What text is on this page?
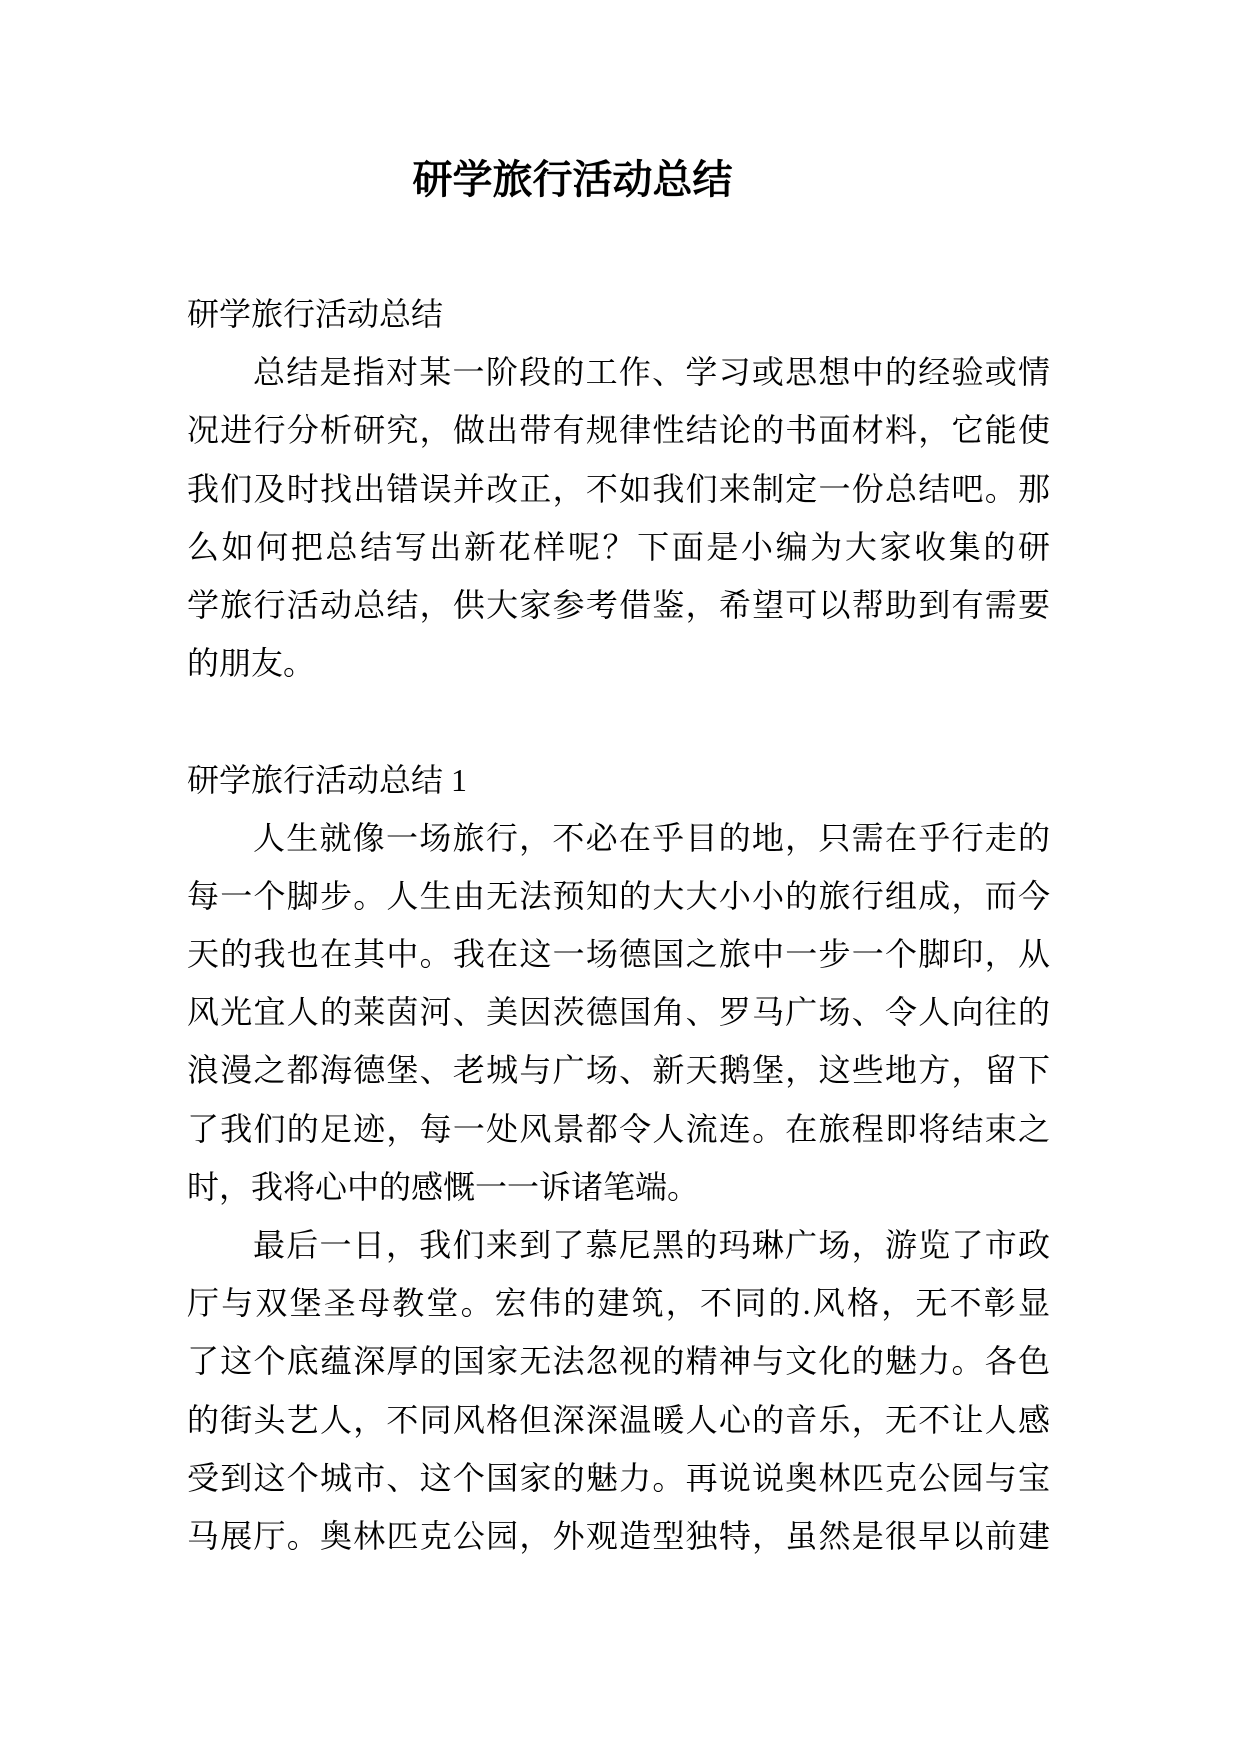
研学旅行活动总结
研学旅行活动总结
总结是指对某一阶段的工作、学习或思想中的经验或情
况进行分析研究，做出带有规律性结论的书面材料，它能使
我们及时找出错误并改正，不如我们来制定一份总结吧。那
么如何把总结写出新花样呢？下面是小编为大家收集的研
学旅行活动总结，供大家参考借鉴，希望可以帮助到有需要
的朋友。
研学旅行活动总结 1
人生就像一场旅行，不必在乎目的地，只需在乎行走的
每一个脚步。人生由无法预知的大大小小的旅行组成，而今
天的我也在其中。我在这一场德国之旅中一步一个脚印，从
风光宜人的莱茵河、美因茨德国角、罗马广场、令人向往的
浪漫之都海德堡、老城与广场、新天鹅堡，这些地方，留下
了我们的足迹，每一处风景都令人流连。在旅程即将结束之
时，我将心中的感慨一一诉诸笔端。
最后一日，我们来到了慕尼黑的玛琳广场，游览了市政
厅与双堡圣母教堂。宏伟的建筑，不同的.风格，无不彰显
了这个底蕴深厚的国家无法忽视的精神与文化的魅力。各色
的街头艺人，不同风格但深深温暖人心的音乐，无不让人感
受到这个城市、这个国家的魅力。再说说奥林匹克公园与宝
马展厅。奥林匹克公园，外观造型独特，虽然是很早以前建
